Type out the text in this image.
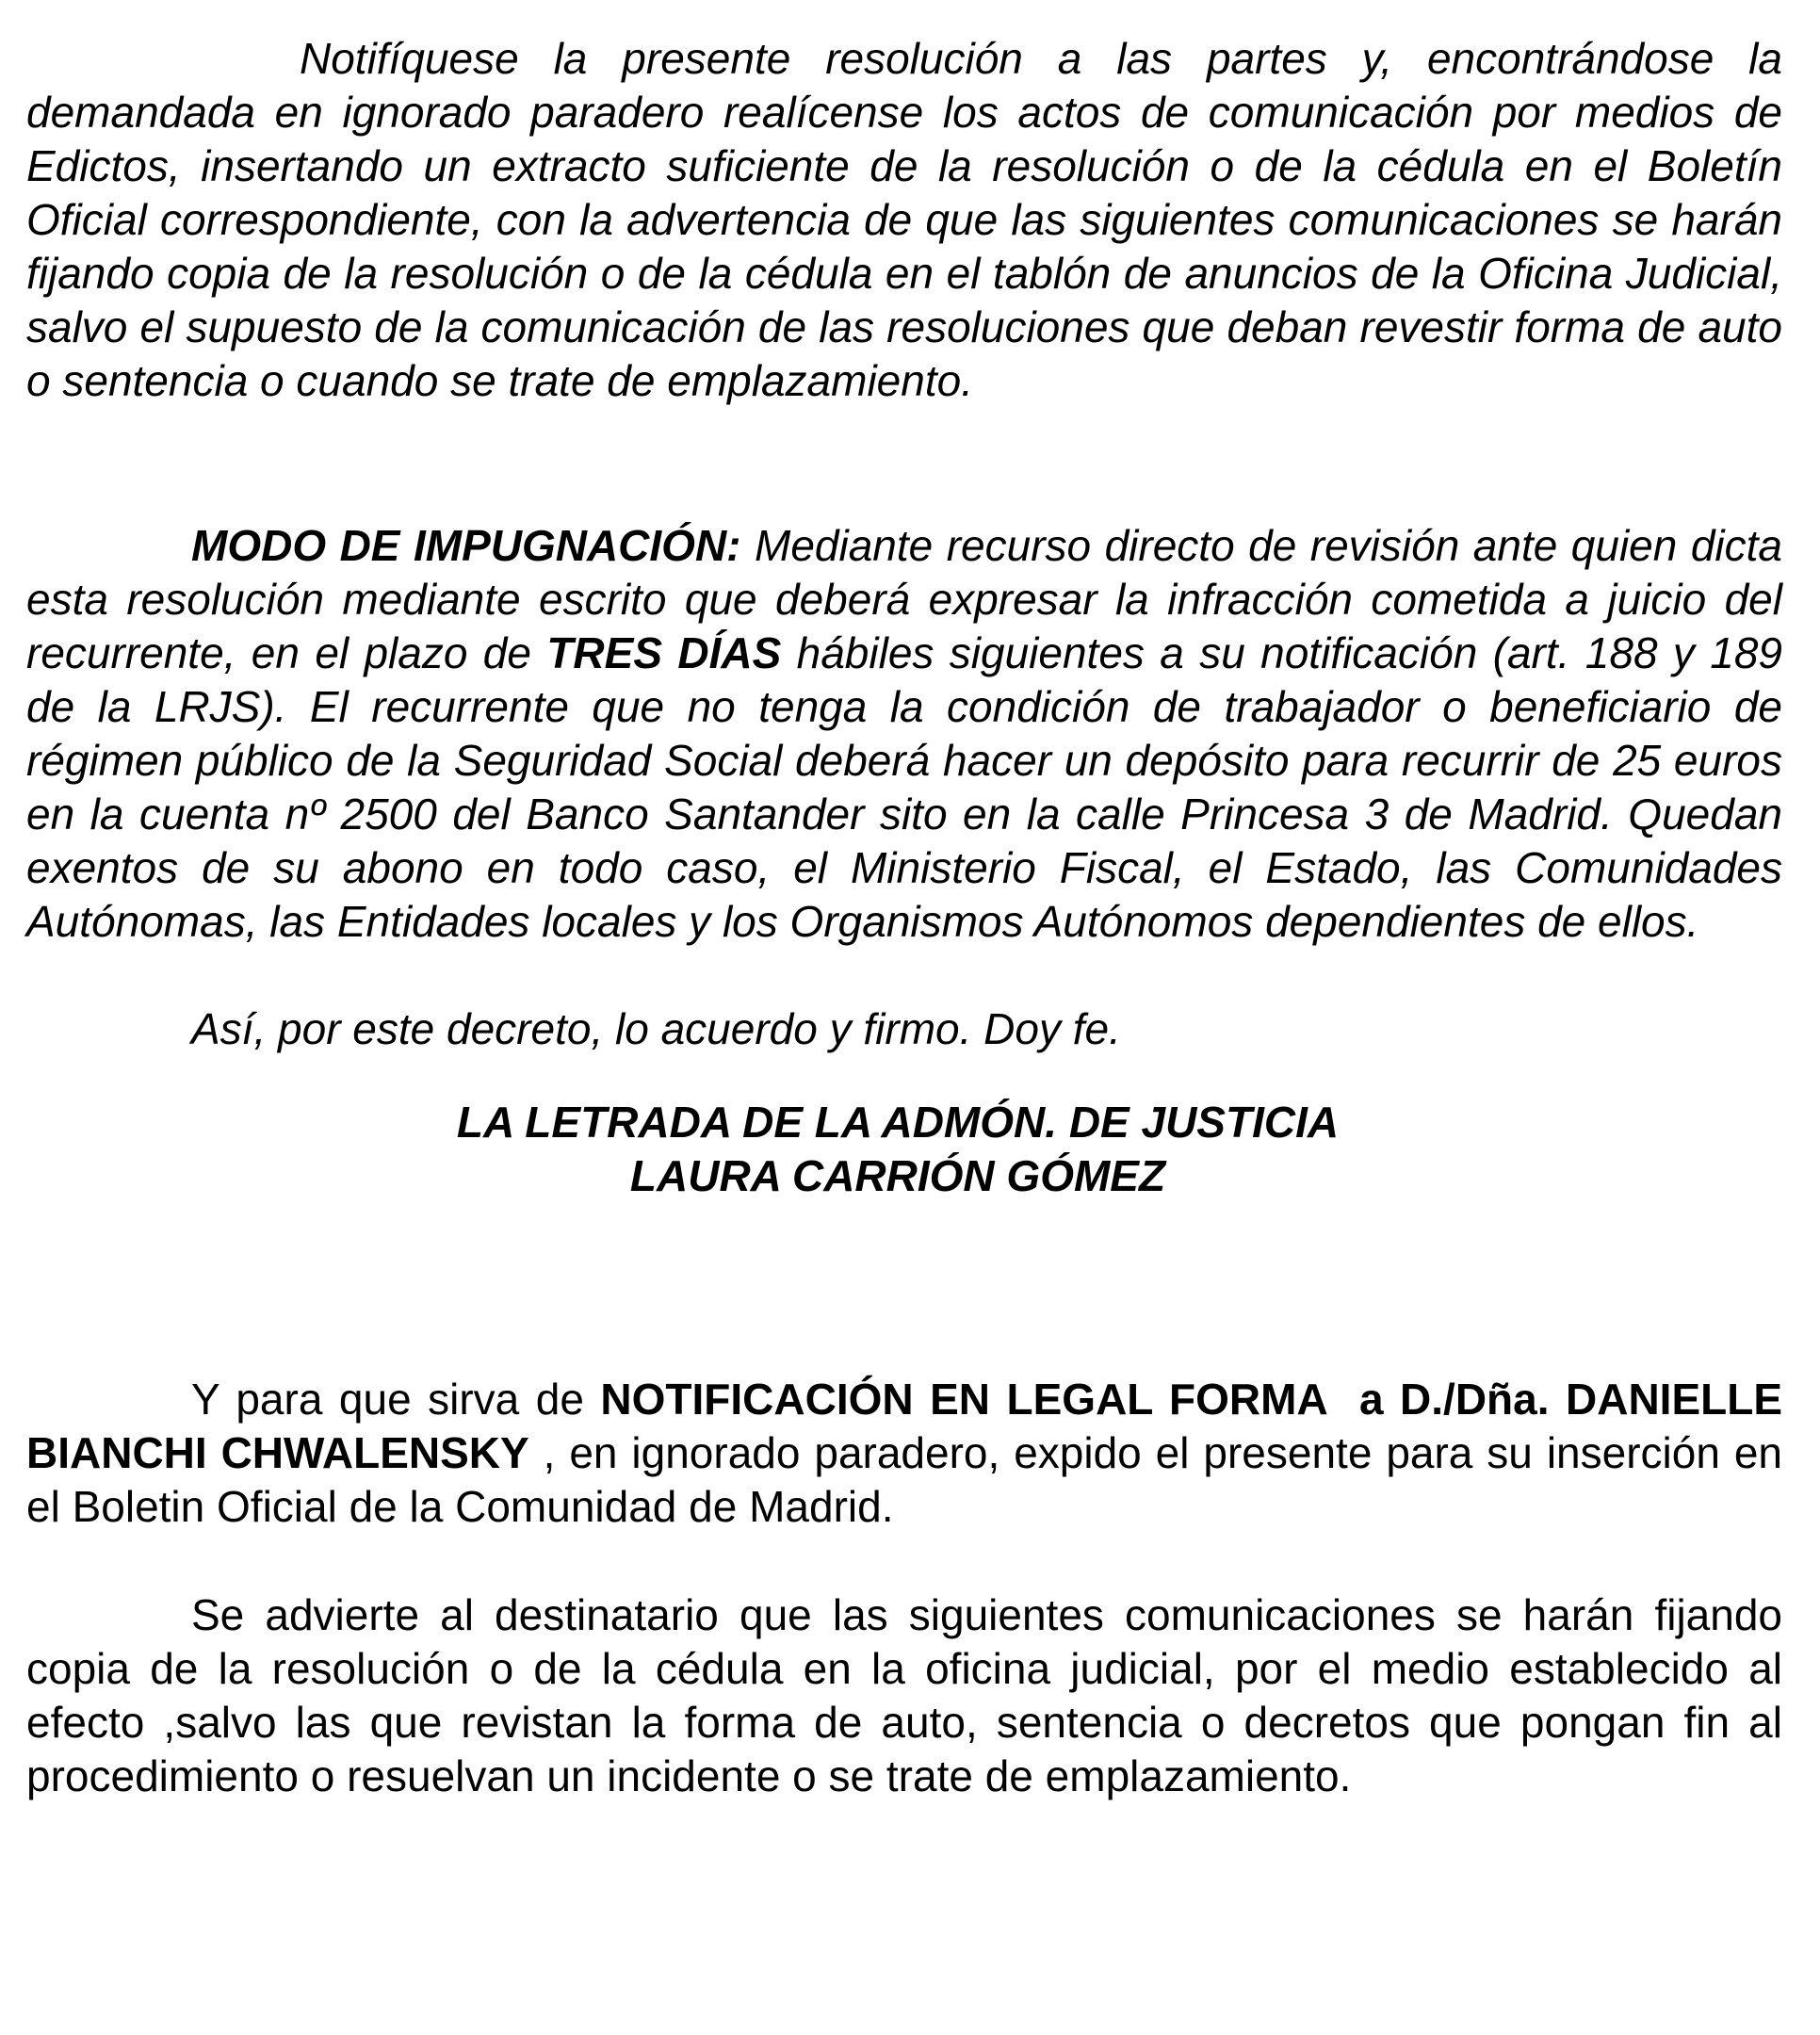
Notifíquese la presente resolución a las partes y, encontrándose la demandada en ignorado paradero realícense los actos de comunicación por medios de Edictos, insertando un extracto suficiente de la resolución o de la cédula en el Boletín Oficial correspondiente, con la advertencia de que las siguientes comunicaciones se harán fijando copia de la resolución o de la cédula en el tablón de anuncios de la Oficina Judicial, salvo el supuesto de la comunicación de las resoluciones que deban revestir forma de auto o sentencia o cuando se trate de emplazamiento.

MODO DE IMPUGNACIÓN: Mediante recurso directo de revisión ante quien dicta esta resolución mediante escrito que deberá expresar la infracción cometida a juicio del recurrente, en el plazo de TRES DÍAS hábiles siguientes a su notificación (art. 188 y 189 de la LRJS). El recurrente que no tenga la condición de trabajador o beneficiario de régimen público de la Seguridad Social deberá hacer un depósito para recurrir de 25 euros en la cuenta nº 2500 del Banco Santander sito en la calle Princesa 3 de Madrid. Quedan exentos de su abono en todo caso, el Ministerio Fiscal, el Estado, las Comunidades Autónomas, las Entidades locales y los Organismos Autónomos dependientes de ellos.

Así, por este decreto, lo acuerdo y firmo. Doy fe.

LA LETRADA DE LA ADMÓN. DE JUSTICIA
LAURA CARRIÓN GÓMEZ

Y para que sirva de NOTIFICACIÓN EN LEGAL FORMA  a D./Dña. DANIELLE BIANCHI CHWALENSKY , en ignorado paradero, expido el presente para su inserción en el Boletin Oficial de la Comunidad de Madrid.

Se advierte al destinatario que las siguientes comunicaciones se harán fijando copia de la resolución o de la cédula en la oficina judicial, por el medio establecido al efecto ,salvo las que revistan la forma de auto, sentencia o decretos que pongan fin al procedimiento o resuelvan un incidente o se trate de emplazamiento.
